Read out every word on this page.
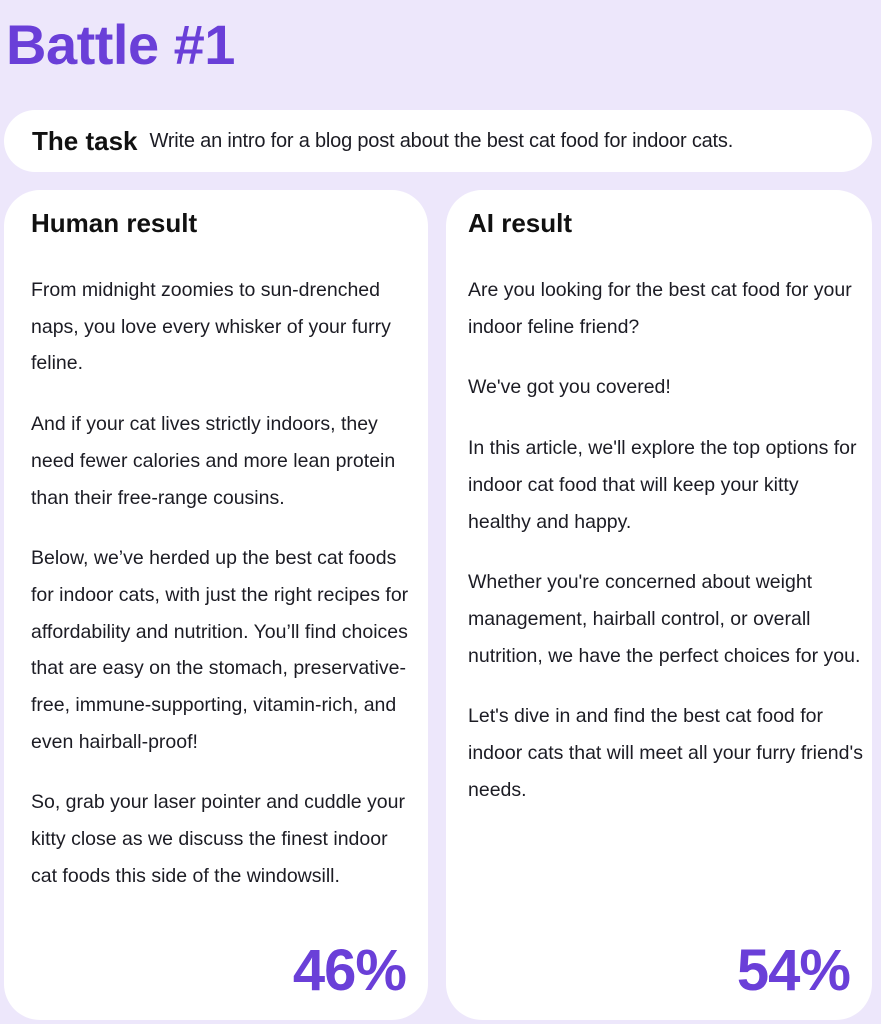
Battle #1
The task Write an intro for a blog post about the best cat food for indoor cats.
Human result

From midnight zoomies to sun-drenched naps, you love every whisker of your furry feline.

And if your cat lives strictly indoors, they need fewer calories and more lean protein than their free-range cousins.

Below, we’ve herded up the best cat foods for indoor cats, with just the right recipes for affordability and nutrition. You’ll find choices that are easy on the stomach, preservative-free, immune-supporting, vitamin-rich, and even hairball-proof!

So, grab your laser pointer and cuddle your kitty close as we discuss the finest indoor cat foods this side of the windowsill.

46%
AI result

Are you looking for the best cat food for your indoor feline friend?

We've got you covered!

In this article, we'll explore the top options for indoor cat food that will keep your kitty healthy and happy.

Whether you're concerned about weight management, hairball control, or overall nutrition, we have the perfect choices for you.

Let's dive in and find the best cat food for indoor cats that will meet all your furry friend's needs.

54%
